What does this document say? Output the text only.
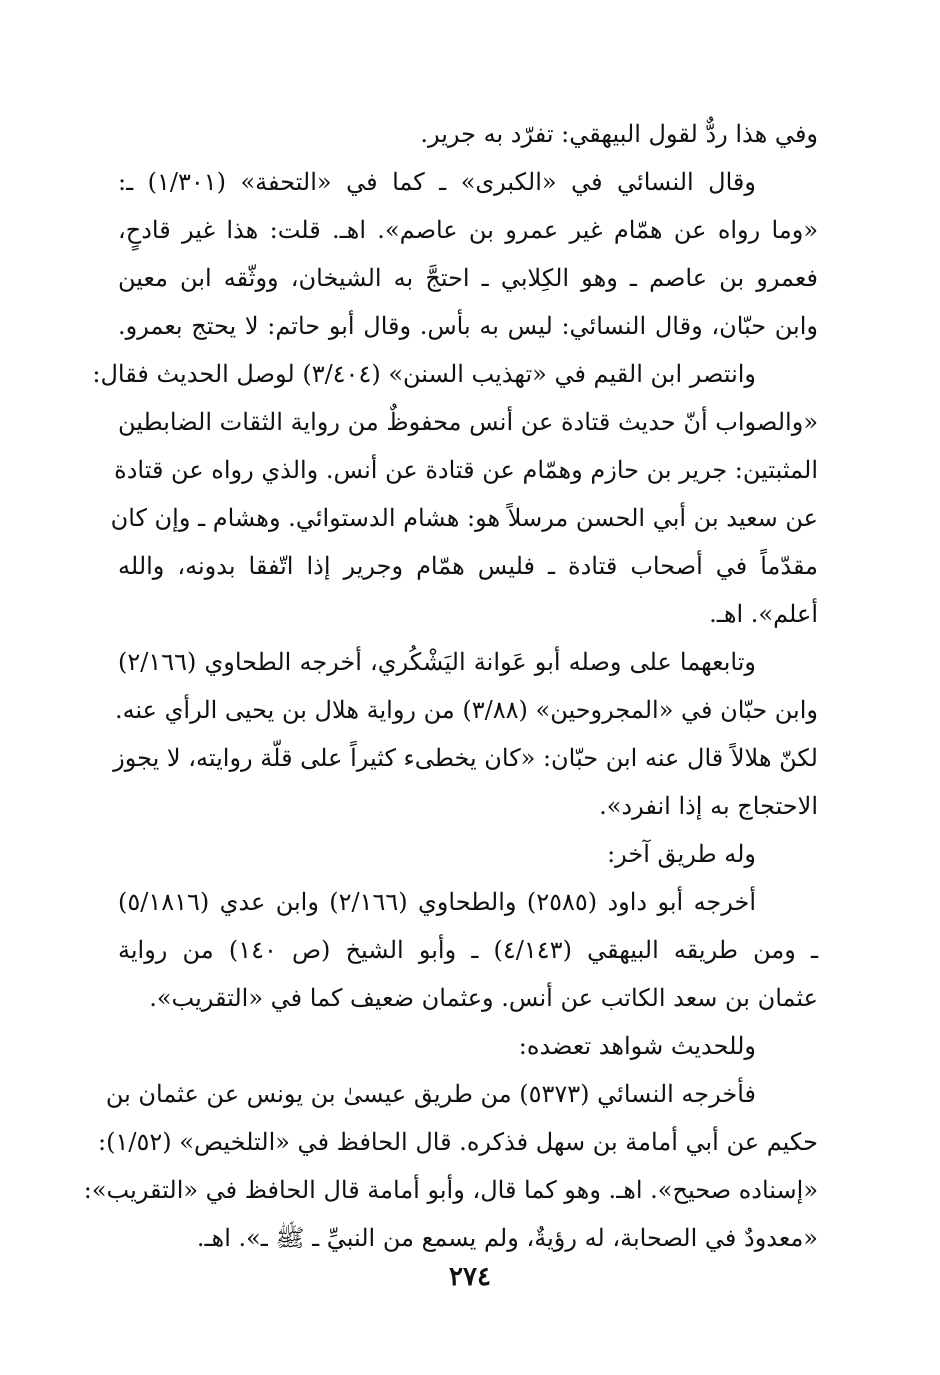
وفي هذا ردٌّ لقول البيهقي: تفرّد به جرير.
وقال النسائي في «الكبرى» ـ كما في «التحفة» (١/٣٠١) ـ:
«وما رواه عن همّام غير عمرو بن عاصم». اهـ. قلت: هذا غير قادحٍ،
فعمرو بن عاصم ـ وهو الكِلابي ـ احتجَّ به الشيخان، ووثّقه ابن معين
وابن حبّان، وقال النسائي: ليس به بأس. وقال أبو حاتم: لا يحتج بعمرو.
وانتصر ابن القيم في «تهذيب السنن» (٣/٤٠٤) لوصل الحديث فقال:
«والصواب أنّ حديث قتادة عن أنس محفوظٌ من رواية الثقات الضابطين
المثبتين: جرير بن حازم وهمّام عن قتادة عن أنس. والذي رواه عن قتادة
عن سعيد بن أبي الحسن مرسلاً هو: هشام الدستوائي. وهشام ـ وإن كان
مقدّماً في أصحاب قتادة ـ فليس همّام وجرير إذا اتّفقا بدونه، والله
أعلم». اهـ.
وتابعهما على وصله أبو عَوانة اليَشْكُري، أخرجه الطحاوي (٢/١٦٦)
وابن حبّان في «المجروحين» (٣/٨٨) من رواية هلال بن يحيى الرأي عنه.
لكنّ هلالاً قال عنه ابن حبّان: «كان يخطىء كثيراً على قلّة روايته، لا يجوز
الاحتجاج به إذا انفرد».
وله طريق آخر:
أخرجه أبو داود (٢٥٨٥) والطحاوي (٢/١٦٦) وابن عدي (٥/١٨١٦)
ـ ومن طريقه البيهقي (٤/١٤٣) ـ وأبو الشيخ (ص ١٤٠) من رواية
عثمان بن سعد الكاتب عن أنس. وعثمان ضعيف كما في «التقريب».
وللحديث شواهد تعضده:
فأخرجه النسائي (٥٣٧٣) من طريق عيسىٰ بن يونس عن عثمان بن
حكيم عن أبي أمامة بن سهل فذكره. قال الحافظ في «التلخيص» (١/٥٢):
«إسناده صحيح». اهـ. وهو كما قال، وأبو أمامة قال الحافظ في «التقريب»:
«معدودٌ في الصحابة، له رؤيةٌ، ولم يسمع من النبيِّ ـ ﷺ ـ». اهـ.
٢٧٤
